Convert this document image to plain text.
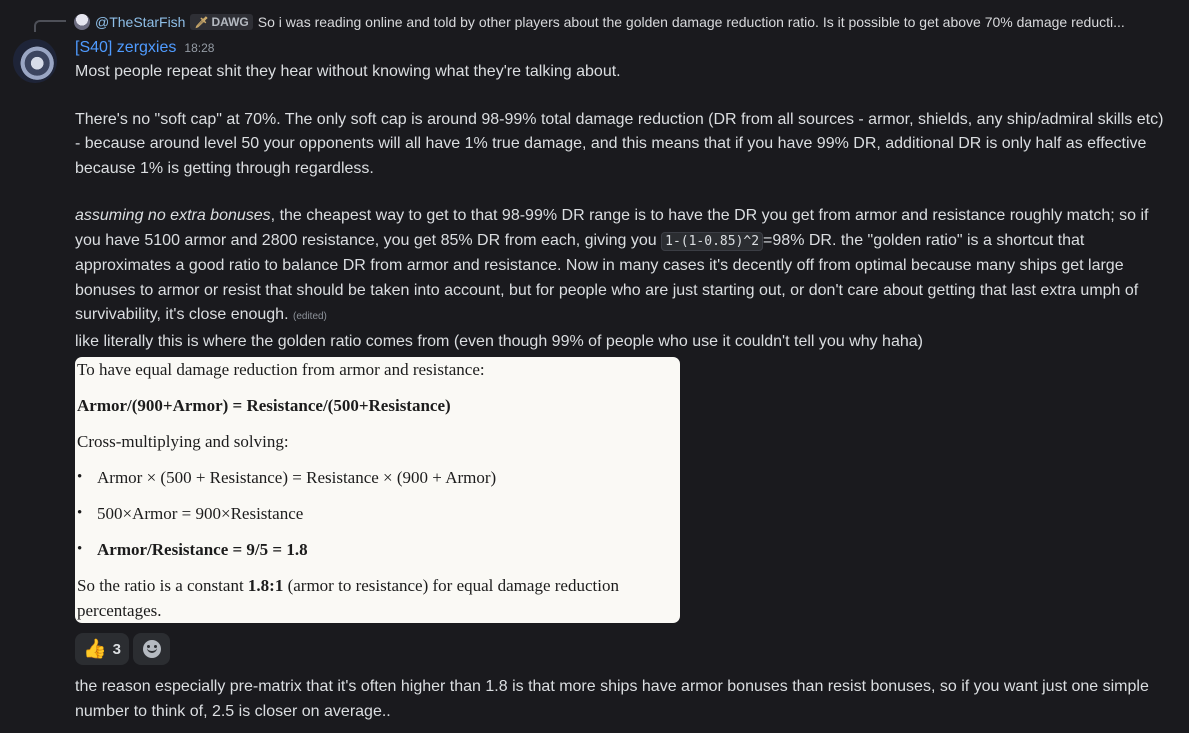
@TheStarFish 🗡 DAWG So i was reading online and told by other players about the golden damage reduction ratio. Is it possible to get above 70% damage reducti...
[S40] zergxies 18:28

Most people repeat shit they hear without knowing what they're talking about.

There's no "soft cap" at 70%. The only soft cap is around 98-99% total damage reduction (DR from all sources - armor, shields, any ship/admiral skills etc) - because around level 50 your opponents will all have 1% true damage, and this means that if you have 99% DR, additional DR is only half as effective because 1% is getting through regardless.

assuming no extra bonuses, the cheapest way to get to that 98-99% DR range is to have the DR you get from armor and resistance roughly match; so if you have 5100 armor and 2800 resistance, you get 85% DR from each, giving you 1-(1-0.85)^2 =98% DR. the "golden ratio" is a shortcut that approximates a good ratio to balance DR from armor and resistance. Now in many cases it's decently off from optimal because many ships get large bonuses to armor or resist that should be taken into account, but for people who are just starting out, or don't care about getting that last extra umph of survivability, it's close enough. (edited)

like literally this is where the golden ratio comes from (even though 99% of people who use it couldn't tell you why haha)

To have equal damage reduction from armor and resistance:
Armor/(900+Armor) = Resistance/(500+Resistance)
Cross-multiplying and solving:
• Armor × (500 + Resistance) = Resistance × (900 + Armor)
• 500×Armor = 900×Resistance
• Armor/Resistance = 9/5 = 1.8
So the ratio is a constant 1.8:1 (armor to resistance) for equal damage reduction
percentages.
👍 3
the reason especially pre-matrix that it's often higher than 1.8 is that more ships have armor bonuses than resist bonuses, so if you want just one simple number to think of, 2.5 is closer on average..
